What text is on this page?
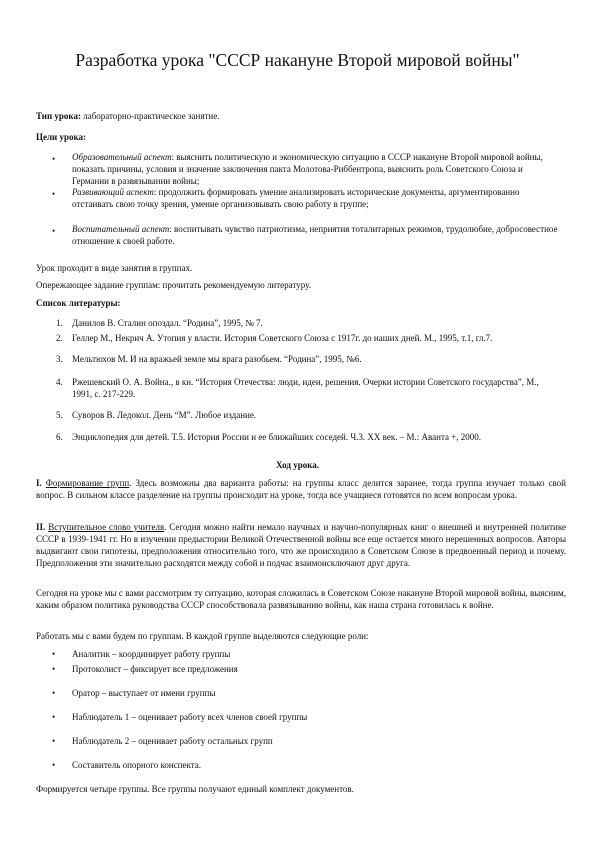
Разработка урока "СССР накануне Второй мировой войны"
Тип урока: лабораторно-практическое занятие.
Цели урока:
•	Образовательный аспект: выяснить политическую и экономическую ситуацию в СССР накануне Второй мировой войны, показать причины, условия и значение заключения пакта Молотова-Риббентропа, выяснить роль Советского Союза и Германии в развязывании войны;
•	Развивающий аспект: продолжить формировать умение анализировать исторические документы, аргументированно отстаивать свою точку зрения, умение организовывать свою работу в группе;
•	Воспитательный аспект: воспитывать чувство патриотизма, неприятия тоталитарных режимов, трудолюбие, добросовестное отношение к своей работе.
Урок проходит в виде занятия в группах.
Опережающее задание группам: прочитать рекомендуемую литературу.
Список литературы:
1.	Данилов В. Сталин опоздал. “Родина”, 1995, № 7.
2.	Геллер М., Некрич А. Утопия у власти. История Советского Союза с 1917г. до наших дней. М., 1995, т.1, гл.7.
3.	Мельтюхов М. И на вражьей земле мы врага разобьем. “Родина”, 1995, №6.
4.	Ржешевский О. А. Война., в кн. “История Отечества: люди, идеи, решения. Очерки истории Советского государства”, М., 1991, с. 217-229.
5.	Суворов В. Ледокол. День “М”. Любое издание.
6.	Энциклопедия для детей. Т.5. История России и ее ближайших соседей. Ч.3. XX век. – М.: Аванта +, 2000.
Ход урока.
I. Формирование групп. Здесь возможны два варианта работы: на группы класс делится заранее, тогда группа изучает только свой вопрос. В сильном классе разделение на группы происходит на уроке, тогда все учащиеся готовятся по всем вопросам урока.
II. Вступительное слово учителя. Сегодня можно найти немало научных и научно-популярных книг о внешней и внутренней политике СССР в 1939-1941 гг. Но в изучении предыстории Великой Отечественной войны все еще остается много нерешенных вопросов. Авторы выдвигают свои гипотезы, предположения относительно того, что же происходило в Советском Союзе в предвоенный период и почему. Предположения эти значительно расходятся между собой и подчас взаимоисключают друг друга.
Сегодня на уроке мы с вами рассмотрим ту ситуацию, которая сложилась в Советском Союзе накануне Второй мировой войны, выясним, каким образом политика руководства СССР способствовала развязыванию войны, как наша страна готовилась к войне.
Работать мы с вами будем по группам. В каждой группе выделяются следующие роли:
•	Аналитик – координирует работу группы
•	Протоколист – фиксирует все предложения
•	Оратор – выступает от имени группы
•	Наблюдатель 1 – оценивает работу всех членов своей группы
•	Наблюдатель 2 – оценивает работу остальных групп
•	Составитель опорного конспекта.
Формируется четыре группы. Все группы получают единый комплект документов.
